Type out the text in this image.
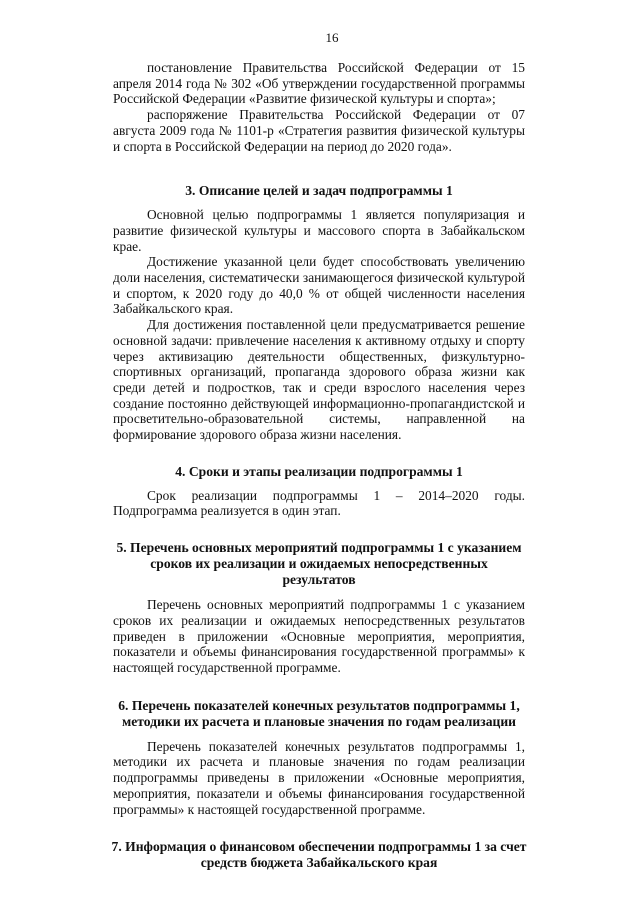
16

постановление Правительства Российской Федерации от 15 апреля 2014 года № 302 «Об утверждении государственной программы Российской Федерации «Развитие физической культуры и спорта»;

распоряжение Правительства Российской Федерации от 07 августа 2009 года № 1101-р «Стратегия развития физической культуры и спорта в Российской Федерации на период до 2020 года».

3. Описание целей и задач подпрограммы 1

Основной целью подпрограммы 1 является популяризация и развитие физической культуры и массового спорта в Забайкальском крае.

Достижение указанной цели будет способствовать увеличению доли населения, систематически занимающегося физической культурой и спортом, к 2020 году до 40,0 % от общей численности населения Забайкальского края.

Для достижения поставленной цели предусматривается решение основной задачи: привлечение населения к активному отдыху и спорту через активизацию деятельности общественных, физкультурно-спортивных организаций, пропаганда здорового образа жизни как среди детей и подростков, так и среди взрослого населения через создание постоянно действующей информационно-пропагандистской и просветительно-образовательной системы, направленной на формирование здорового образа жизни населения.

4. Сроки и этапы реализации подпрограммы 1

Срок реализации подпрограммы 1 – 2014–2020 годы. Подпрограмма реализуется в один этап.

5. Перечень основных мероприятий подпрограммы 1 с указанием сроков их реализации и ожидаемых непосредственных результатов

Перечень основных мероприятий подпрограммы 1 с указанием сроков их реализации и ожидаемых непосредственных результатов приведен в приложении «Основные мероприятия, мероприятия, показатели и объемы финансирования государственной программы» к настоящей государственной программе.

6. Перечень показателей конечных результатов подпрограммы 1, методики их расчета и плановые значения по годам реализации

Перечень показателей конечных результатов подпрограммы 1, методики их расчета и плановые значения по годам реализации подпрограммы приведены в приложении «Основные мероприятия, мероприятия, показатели и объемы финансирования государственной программы» к настоящей государственной программе.

7. Информация о финансовом обеспечении подпрограммы 1 за счет средств бюджета Забайкальского края
